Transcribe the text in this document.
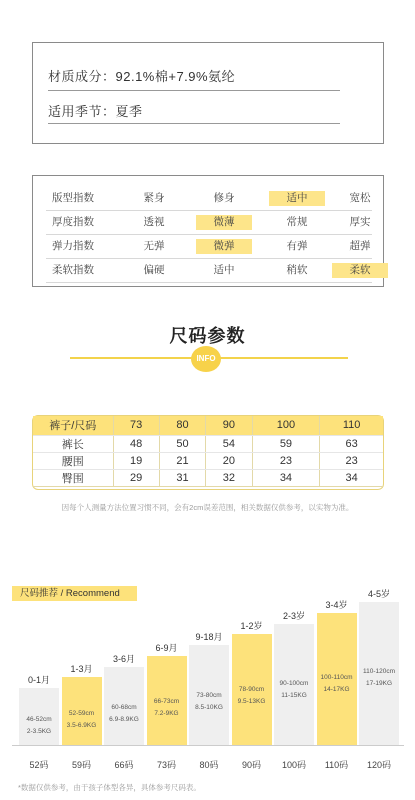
材质成分：92.1%棉+7.9%氨纶
适用季节：夏季
版型指数	紧身	修身	适中	宽松
厚度指数	透视	微薄	常规	厚实
弹力指数	无弹	微弹	有弹	超弹
柔软指数	偏硬	适中	稍软	柔软
尺码参数
INFO
裤子/尺码	73	80	90	100	110
裤长	48	50	54	59	63
腰围	19	21	20	23	23
臀围	29	31	32	34	34
因每个人测量方法位置习惯不同，会有2cm误差范围，相关数据仅供参考，以实物为准。
尺码推荐 / Recommend
0-1月
46-52cm
2-3.5KG
52码
1-3月
52-59cm
3.5-6.9KG
59码
3-6月
60-68cm
6.9-8.9KG
66码
6-9月
66-73cm
7.2-9KG
73码
9-18月
73-80cm
8.5-10KG
80码
1-2岁
78-90cm
9.5-13KG
90码
2-3岁
90-100cm
11-15KG
100码
3-4岁
100-110cm
14-17KG
110码
4-5岁
110-120cm
17-19KG
120码
*数据仅供参考，由于孩子体型各异，具体参考尺码表。
